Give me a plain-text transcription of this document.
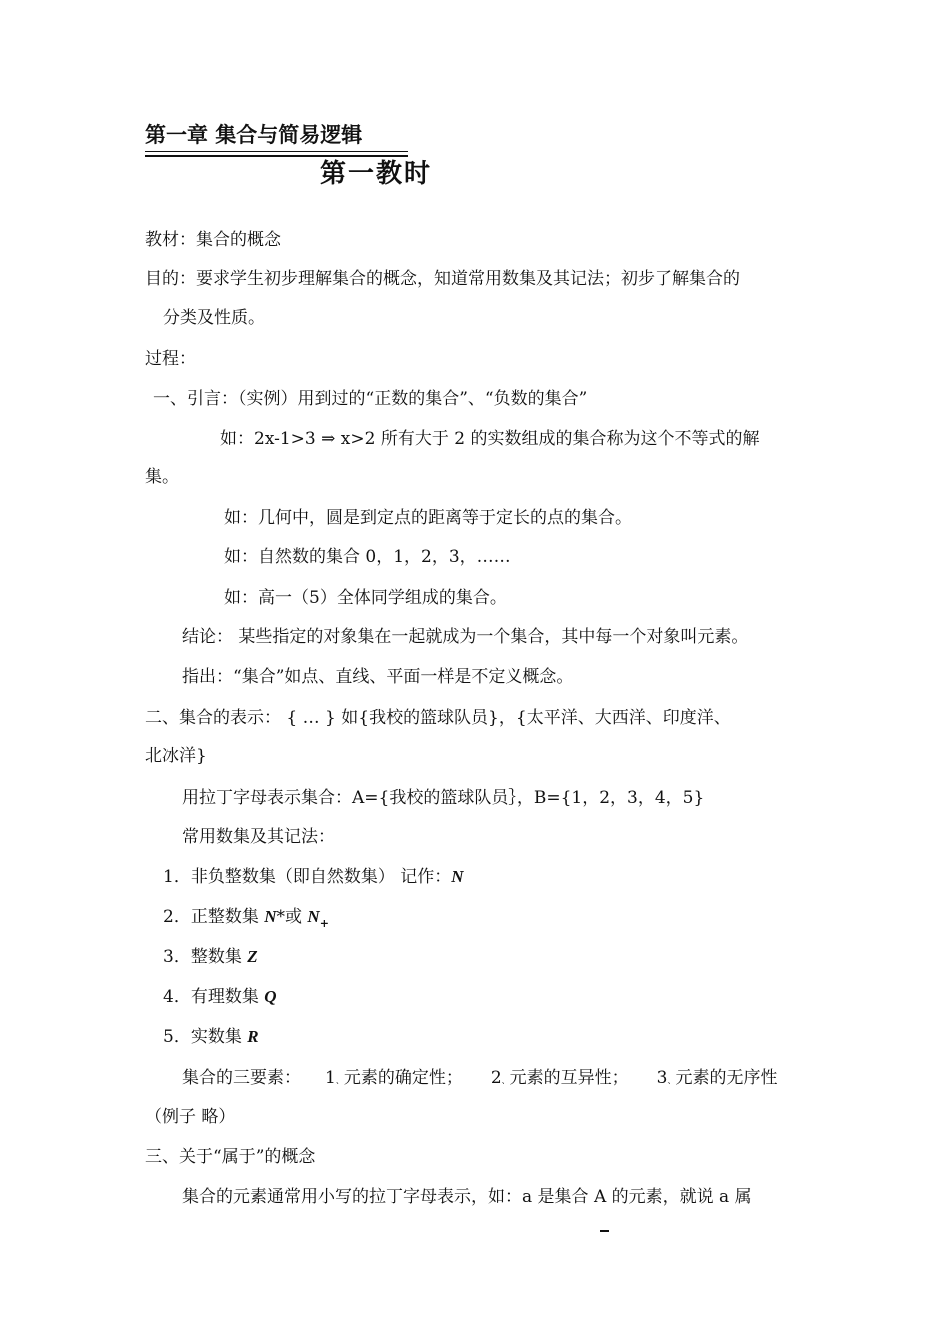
第一章 集合与简易逻辑
第一教时
教材：集合的概念
目的：要求学生初步理解集合的概念，知道常用数集及其记法；初步了解集合的
分类及性质。
过程：
一、引言：（实例）用到过的“正数的集合”、“负数的集合”
如：2x-1>3 ⇒ x>2 所有大于 2 的实数组成的集合称为这个不等式的解
集。
如：几何中，圆是到定点的距离等于定长的点的集合。
如：自然数的集合 0，1，2，3，……
如：高一（5）全体同学组成的集合。
结论： 某些指定的对象集在一起就成为一个集合，其中每一个对象叫元素。
指出：“集合”如点、直线、平面一样是不定义概念。
二、集合的表示： { … } 如{我校的篮球队员}，{太平洋、大西洋、印度洋、
北冰洋}
用拉丁字母表示集合：A={我校的篮球队员｝，B={1，2，3，4，5}
常用数集及其记法：
1．非负整数集（即自然数集） 记作：N
2．正整数集 N*或 $N_+$
3．整数集 Z
4．有理数集 Q
5．实数集 R
集合的三要素： 1、元素的确定性； 2、元素的互异性； 3、元素的无序性
（例子 略）
三、关于“属于”的概念
集合的元素通常用小写的拉丁字母表示，如：a 是集合 A 的元素，就说 a 属
